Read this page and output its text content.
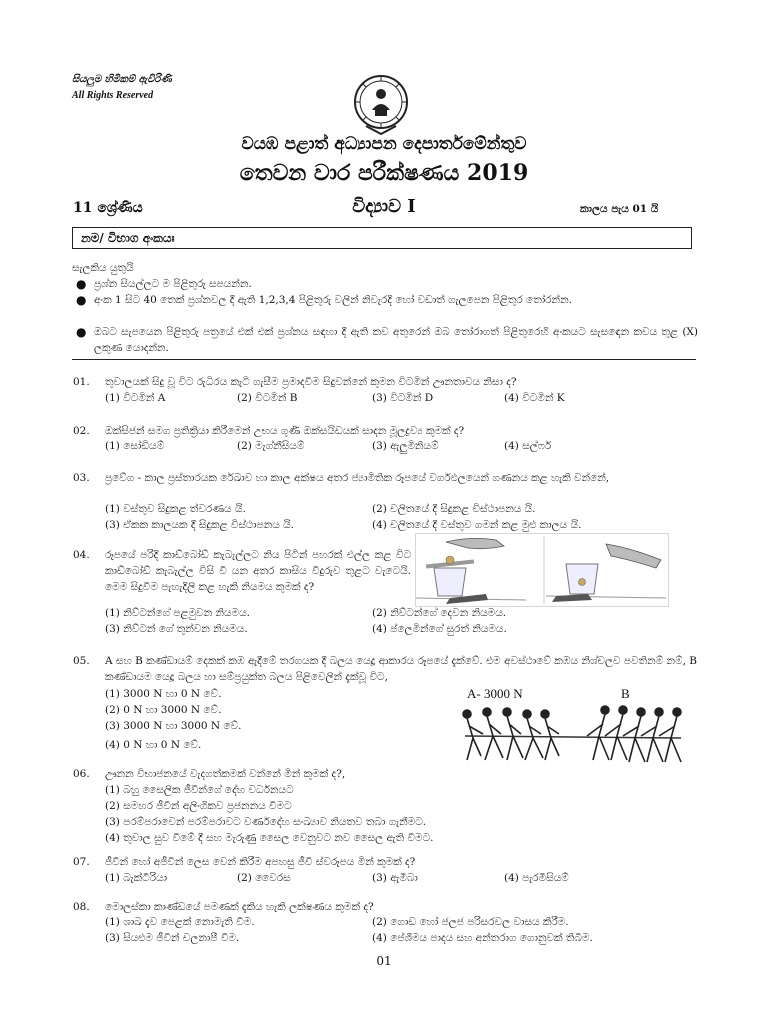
සියලුම හිමිකම් ඇවිරිණි
All Rights Reserved
වයඹ පළාත් අධ්‍යාපන දෙපාර්තමේන්තුව
තෙවන වාර පරීක්ෂණය 2019
11 ශ්‍රේණිය	විද්‍යාව I	කාලය පැය 01 යි
නම/ විභාග අංකයඃ
සැලකිය යුතුයි
● ප්‍රශ්න සියල්ලට ම පිළිතුරු සපයන්න.
● අංක 1 සිට 40 තෙක් ප්‍රශ්නවල දී ඇති 1,2,3,4 පිළිතුරු වලින් නිවැරදි හෝ වඩාත් ගැලපෙන පිළිතුර තෝරන්න.
● ඔබට සැපයෙන පිළිතුරු පත්‍රයේ එක් එක් ප්‍රශ්නය සඳහා දී ඇති කව අතුරෙන් ඔබ තෝරාගත් පිළිතුරෙහි අංකයට සැසඳෙන කවය තුළ (X) ලකුණ යොදන්න.
01. තුවාලයක් සිදු වූ විට රුධිරය කැටි ගැසීම ප්‍රමාදවීම සිදුවන්නේ කුමන විටමින් ඌනතාවය නිසා ද?
(1) විටමින් A	(2) විටමින් B	(3) විටමින් D	(4) විටමින් K
02. ඔක්සිජන් සමග ප්‍රතික්‍රියා කිරීමෙන් උභය ගුණී ඔක්සයිඩයක් සාදන මූලද්‍රව්‍ය කුමක් ද?
(1) සෝඩියම්	(2) මැග්නීසියම්	(3) ඇලුමිනියම්	(4) සල්ෆර්
03. ප්‍රවේග - කාල ප්‍රස්තාරයක රේඛාව හා කාල අක්ෂය අතර ජ්‍යාමිතික රූපයේ වර්ගඵලයෙන් ගණනය කළ හැකි වන්නේ,
(1) වස්තුව සිදුකළ ත්වරණය යි.	(2) චලිතයේ දී සිදුකළ විස්ථාපනය යි.
(3) ඒකක කාලයක දී සිදුකළ විස්ථාපනය යි.	(4) චලිතයේ දී වස්තුව ගමන් කළ මුළු කාලය යි.
04. රූපයේ පරිදි කාඩ්බෝඩ් කැබැල්ලට නිය පිටින් පහරක් එල්ල කළ විට කාඩ්බෝඩ් කැබැල්ල විසි වී යන අතර කාසිය වීදුරුව තුළට වැටෙයි. මෙම සිදුවීම පැහැදිලි කළ හැකි නියමය කුමක් ද?
(1) නිව්ටන්ගේ පළමුවන නියමය.	(2) නිව්ටන්ගේ දෙවන නියමය.
(3) නිව්ටන් ගේ තුන්වන නියමය.	(4) ප්ලෙමින්ගේ සුරත් නියමය.
05. A සහ B කණ්ඩායම් දෙකක් කඹ ඇදීමේ තරගයක දී බලය යෙදූ ආකාරය රූපයේ දැක්වේ. එම අවස්ථාවේ කඹය නිශ්චලව පවතිනම් නම්, B කණ්ඩායම යෙදූ බලය හා සම්ප්‍රයුක්ත බලය පිළිවෙලින් දැක්වූ විට,
(1) 3000 N හා 0 N වේ.
(2) 0 N හා 3000 N වේ.
(3) 3000 N හා 3000 N වේ.
(4) 0 N හා 0 N වේ.
A- 3000 N	B
06. ඌනන විභාජනයේ වැදගත්කමක් වන්නේ මින් කුමක් ද?,
(1) බහු සෛලික ජීවීන්ගේ දේහ වර්ධනයට
(2) සමහර ජීවීන් අලිංගිකව ප්‍රජනනය වීමට
(3) පරම්පරාවෙන් පරම්පරාවට වර්ණදේහ සංඛ්‍යාව නියතව තබා ගැනීමට.
(4) තුවාල සුව වීමේ දී සහ මැරුණු සෛල වෙනුවට නව සෛල ඇති වීමට.
07. ජීවීන් හෝ අජීවීන් ලෙස වෙන් කිරීම අපහසු ජීවී ස්වරූපය මින් කුමක් ද?
(1) බැක්ටීරියා	(2) වෛරස	(3) ඇමීබා	(4) පැරමීසියම්
08. මොලස්කා කාණ්ඩයේ පමණක් දැකිය හැකි ලක්ෂණය කුමක් ද?
(1) ශාඛ දැව පෙළක් නොමැති වීම.	(2) ගොඩ හෝ ජලජ පරිසරවල වාසය කිරීම.
(3) සියළුම ජීවීන් චලනාපී වීම.	(4) පේශීමය පාදය සහ අන්තරාග ගොනුවක් තිබීම.
01
